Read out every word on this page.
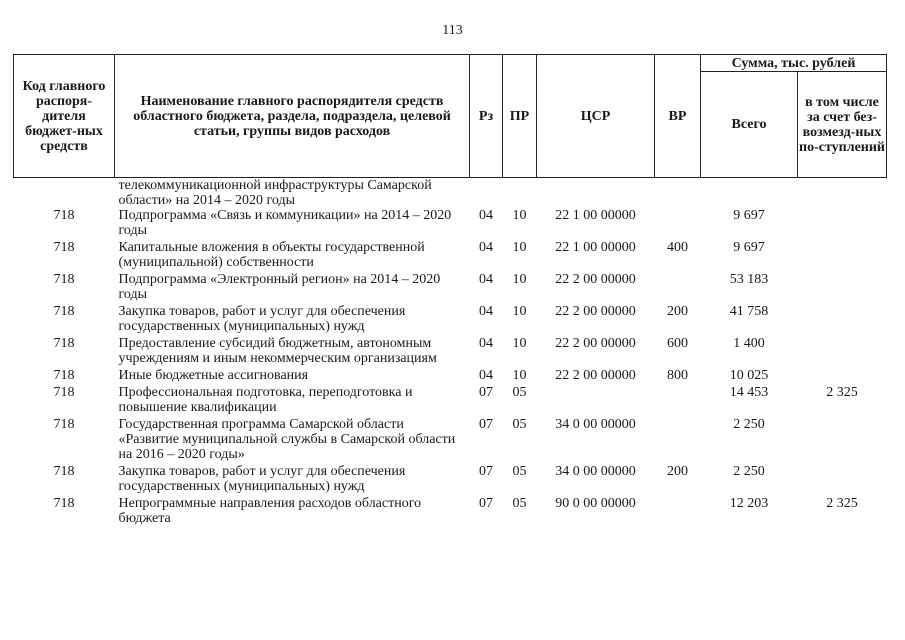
113
Код главного распоря-дителя бюджет-ных средств	Наименование главного распорядителя средств областного бюджета, раздела, подраздела, целевой статьи, группы видов расходов	Рз	ПР	ЦСР	ВР	Сумма, тыс. рублей	
						Всего	в том числе за счет без-возмезд-ных по-ступлений
	телекоммуникационной инфраструктуры Самарской области» на 2014 – 2020 годы						
718	Подпрограмма «Связь и коммуникации» на 2014 – 2020 годы	04	10	22 1 00 00000		9 697	
718	Капитальные вложения в объекты государственной (муниципальной) собственности	04	10	22 1 00 00000	400	9 697	
718	Подпрограмма «Электронный регион» на 2014 – 2020 годы	04	10	22 2 00 00000		53 183	
718	Закупка товаров, работ и услуг для обеспечения государственных (муниципальных) нужд	04	10	22 2 00 00000	200	41 758	
718	Предоставление субсидий бюджетным, автономным учреждениям и иным некоммерческим организациям	04	10	22 2 00 00000	600	1 400	
718	Иные бюджетные ассигнования	04	10	22 2 00 00000	800	10 025	
718	Профессиональная подготовка, переподготовка и повышение квалификации	07	05			14 453	2 325
718	Государственная программа Самарской области «Развитие муниципальной службы в Самарской области на 2016 – 2020 годы»	07	05	34 0 00 00000		2 250	
718	Закупка товаров, работ и услуг для обеспечения государственных (муниципальных) нужд	07	05	34 0 00 00000	200	2 250	
718	Непрограммные направления расходов областного бюджета	07	05	90 0 00 00000		12 203	2 325
